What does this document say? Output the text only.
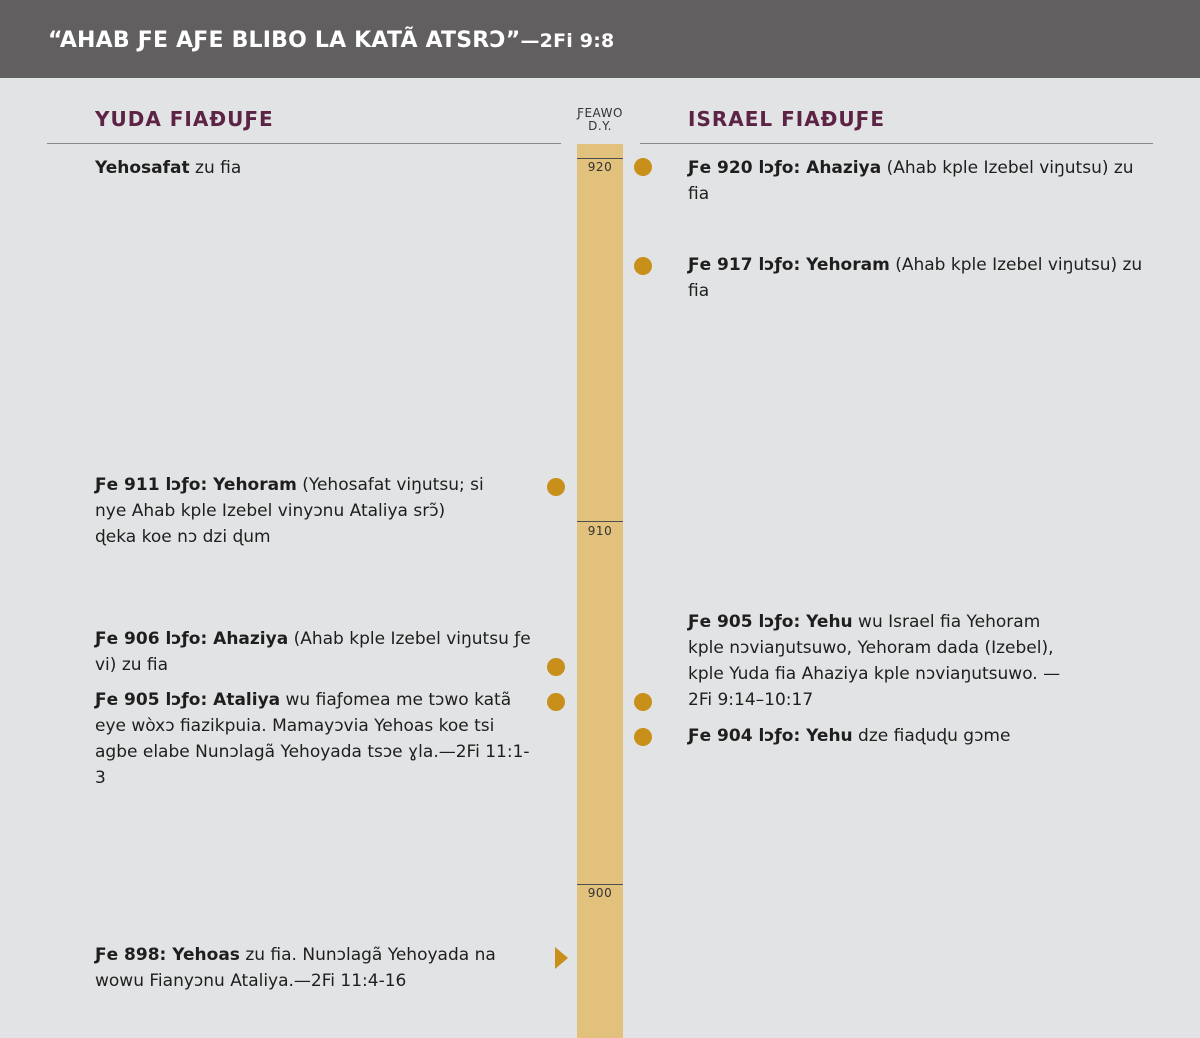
“AHAB ƑE AƑE BLIBO LA KATÃ ATSRƆ”—2Fi 9:8
YUDA FIAĐUƑE	ISRAEL FIAĐUƑE
ƑEAWO
D.Y.
920
910
900
Yehosafat zu fia
Ƒe 911 lɔƒo: Yehoram (Yehosafat viŋutsu; si nye Ahab kple Izebel vinyɔnu Ataliya srɔ̃) ɖeka koe nɔ dzi ɖum
Ƒe 906 lɔƒo: Ahaziya (Ahab kple Izebel viŋutsu ƒe vi) zu fia
Ƒe 905 lɔƒo: Ataliya wu fiaƒomea me tɔwo katã eye wòxɔ fiazikpuia. Mamayɔvia Yehoas koe tsi agbe elabe Nunɔlagã Yehoyada tsɔe ɣla.—2Fi 11:1-3
Ƒe 898: Yehoas zu fia. Nunɔlagã Yehoyada na wowu Fianyɔnu Ataliya.—2Fi 11:4-16
Ƒe 920 lɔƒo: Ahaziya (Ahab kple Izebel viŋutsu) zu fia
Ƒe 917 lɔƒo: Yehoram (Ahab kple Izebel viŋutsu) zu fia
Ƒe 905 lɔƒo: Yehu wu Israel fia Yehoram kple nɔviaŋutsuwo, Yehoram dada (Izebel), kple Yuda fia Ahaziya kple nɔviaŋutsuwo. —2Fi 9:14–10:17
Ƒe 904 lɔƒo: Yehu dze fiaɖuɖu gɔme
